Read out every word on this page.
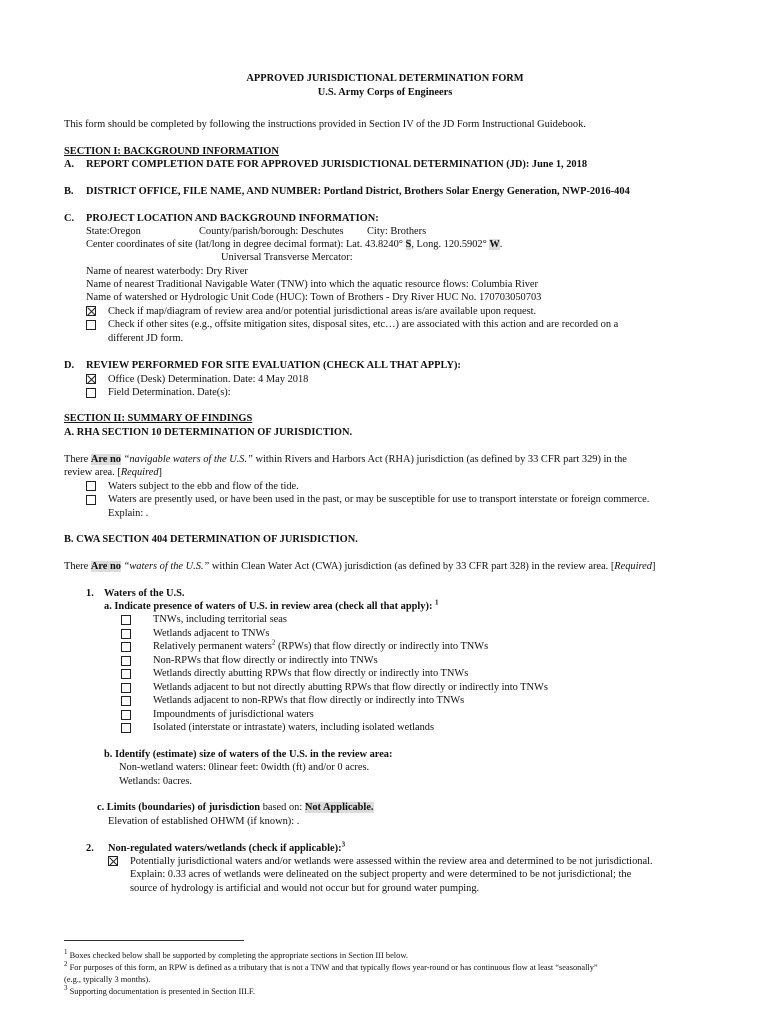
APPROVED JURISDICTIONAL DETERMINATION FORM
U.S. Army Corps of Engineers
This form should be completed by following the instructions provided in Section IV of the JD Form Instructional Guidebook.
SECTION I: BACKGROUND INFORMATION
A. REPORT COMPLETION DATE FOR APPROVED JURISDICTIONAL DETERMINATION (JD): June 1, 2018
B. DISTRICT OFFICE, FILE NAME, AND NUMBER: Portland District, Brothers Solar Energy Generation, NWP-2016-404
C. PROJECT LOCATION AND BACKGROUND INFORMATION:
State:Oregon	County/parish/borough: Deschutes City: Brothers
Center coordinates of site (lat/long in degree decimal format): Lat. 43.8240° S, Long. 120.5902° W.
Universal Transverse Mercator:
Name of nearest waterbody: Dry River
Name of nearest Traditional Navigable Water (TNW) into which the aquatic resource flows: Columbia River
Name of watershed or Hydrologic Unit Code (HUC): Town of Brothers - Dry River HUC No. 170703050703
Check if map/diagram of review area and/or potential jurisdictional areas is/are available upon request.
Check if other sites (e.g., offsite mitigation sites, disposal sites, etc…) are associated with this action and are recorded on a
different JD form.
D. REVIEW PERFORMED FOR SITE EVALUATION (CHECK ALL THAT APPLY):
Office (Desk) Determination. Date: 4 May 2018
Field Determination. Date(s):
SECTION II: SUMMARY OF FINDINGS
A. RHA SECTION 10 DETERMINATION OF JURISDICTION.
There Are no “navigable waters of the U.S.” within Rivers and Harbors Act (RHA) jurisdiction (as defined by 33 CFR part 329) in the
review area. [Required]
Waters subject to the ebb and flow of the tide.
Waters are presently used, or have been used in the past, or may be susceptible for use to transport interstate or foreign commerce.
Explain: .
B. CWA SECTION 404 DETERMINATION OF JURISDICTION.
There Are no “waters of the U.S.” within Clean Water Act (CWA) jurisdiction (as defined by 33 CFR part 328) in the review area. [Required]
1. Waters of the U.S.
a. Indicate presence of waters of U.S. in review area (check all that apply): $^1$
TNWs, including territorial seas
Wetlands adjacent to TNWs
Relatively permanent waters$^2$ (RPWs) that flow directly or indirectly into TNWs
Non-RPWs that flow directly or indirectly into TNWs
Wetlands directly abutting RPWs that flow directly or indirectly into TNWs
Wetlands adjacent to but not directly abutting RPWs that flow directly or indirectly into TNWs
Wetlands adjacent to non-RPWs that flow directly or indirectly into TNWs
Impoundments of jurisdictional waters
Isolated (interstate or intrastate) waters, including isolated wetlands
b. Identify (estimate) size of waters of the U.S. in the review area:
Non-wetland waters: 0linear feet: 0width (ft) and/or 0 acres.
Wetlands: 0acres.
c. Limits (boundaries) of jurisdiction based on: Not Applicable.
Elevation of established OHWM (if known): .
2. Non-regulated waters/wetlands (check if applicable):$^3$
Potentially jurisdictional waters and/or wetlands were assessed within the review area and determined to be not jurisdictional.
Explain: 0.33 acres of wetlands were delineated on the subject property and were determined to be not jurisdictional; the
source of hydrology is artificial and would not occur but for ground water pumping.
$^1$ Boxes checked below shall be supported by completing the appropriate sections in Section III below.
$^2$ For purposes of this form, an RPW is defined as a tributary that is not a TNW and that typically flows year-round or has continuous flow at least “seasonally”
(e.g., typically 3 months).
$^3$ Supporting documentation is presented in Section III.F.
